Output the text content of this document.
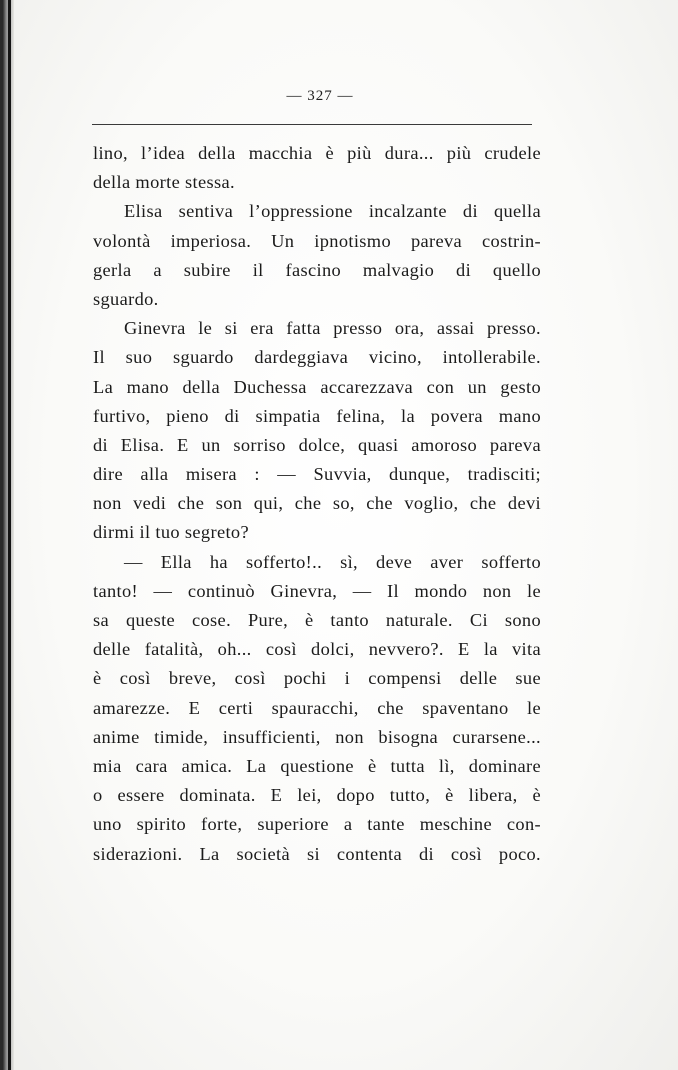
— 327 —
lino, l’idea della macchia è più dura... più crudele
della morte stessa.
Elisa sentiva l’oppressione incalzante di quella
volontà imperiosa. Un ipnotismo pareva costrin-
gerla a subire il fascino malvagio di quello
sguardo.
Ginevra le si era fatta presso ora, assai presso.
Il suo sguardo dardeggiava vicino, intollerabile.
La mano della Duchessa accarezzava con un gesto
furtivo, pieno di simpatia felina, la povera mano
di Elisa. E un sorriso dolce, quasi amoroso pareva
dire alla misera : — Suvvia, dunque, tradisciti;
non vedi che son qui, che so, che voglio, che devi
dirmi il tuo segreto?
— Ella ha sofferto!.. sì, deve aver sofferto
tanto! — continuò Ginevra, — Il mondo non le
sa queste cose. Pure, è tanto naturale. Ci sono
delle fatalità, oh... così dolci, nevvero?. E la vita
è così breve, così pochi i compensi delle sue
amarezze. E certi spauracchi, che spaventano le
anime timide, insufficienti, non bisogna curarsene...
mia cara amica. La questione è tutta lì, dominare
o essere dominata. E lei, dopo tutto, è libera, è
uno spirito forte, superiore a tante meschine con-
siderazioni. La società si contenta di così poco.
